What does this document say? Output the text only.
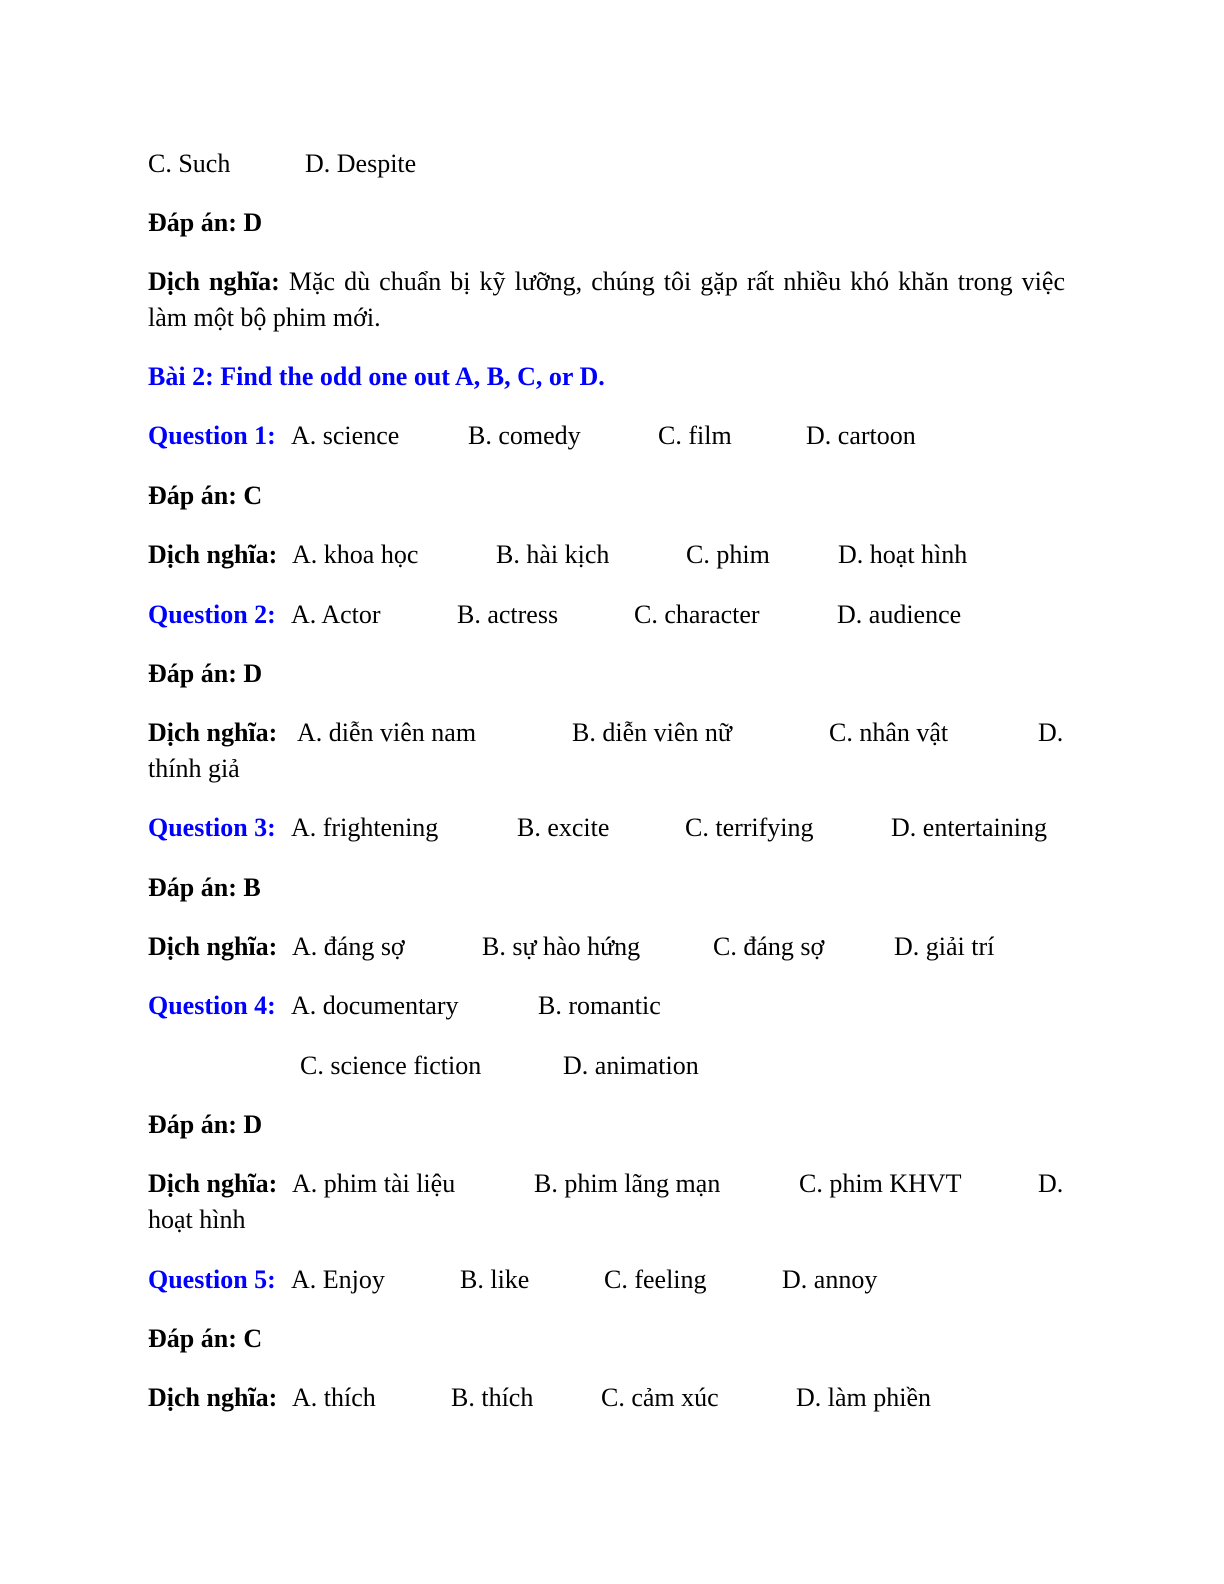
C. Such	D. Despite
Đáp án: D
Dịch nghĩa: Mặc dù chuẩn bị kỹ lưỡng, chúng tôi gặp rất nhiều khó khăn trong việc làm một bộ phim mới.
Bài 2: Find the odd one out A, B, C, or D.
Question 1: A. science	B. comedy	C. film	D. cartoon
Đáp án: C
Dịch nghĩa: A. khoa học	B. hài kịch	C. phim	D. hoạt hình
Question 2: A. Actor	B. actress	C. character	D. audience
Đáp án: D
Dịch nghĩa: A. diễn viên nam	B. diễn viên nữ	C. nhân vật	D.
thính giả
Question 3: A. frightening	B. excite	C. terrifying	D. entertaining
Đáp án: B
Dịch nghĩa: A. đáng sợ	B. sự hào hứng	C. đáng sợ	D. giải trí
Question 4: A. documentary	B. romantic
C. science fiction	D. animation
Đáp án: D
Dịch nghĩa: A. phim tài liệu	B. phim lãng mạn	C. phim KHVT	D.
hoạt hình
Question 5: A. Enjoy	B. like	C. feeling	D. annoy
Đáp án: C
Dịch nghĩa: A. thích	B. thích	C. cảm xúc	D. làm phiền
